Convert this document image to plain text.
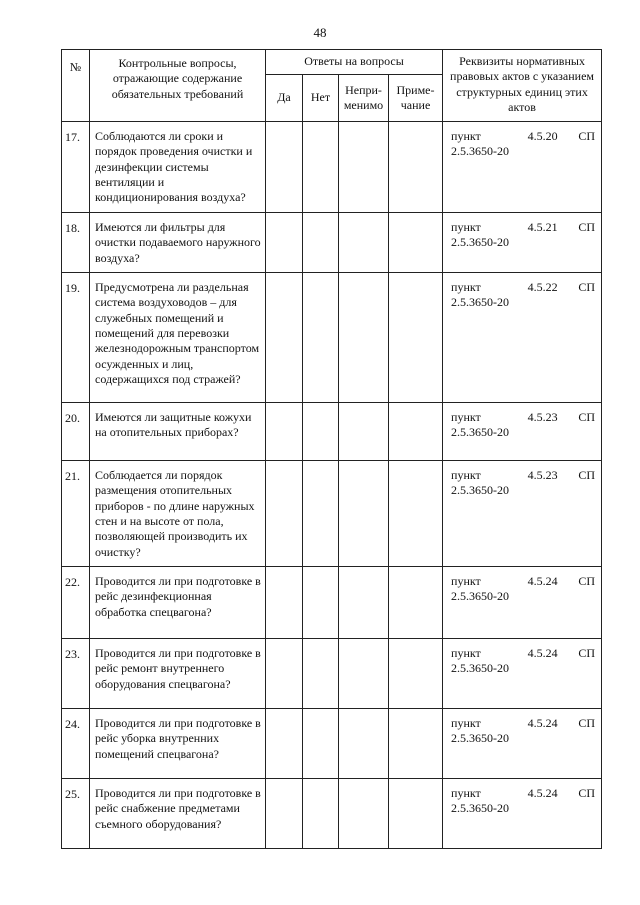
48
№	Контрольные вопросы, отражающие содержание обязательных требований	Ответы на вопросы				Реквизиты нормативных правовых актов с указанием структурных единиц этих актов
		Да	Нет	Непри-менимо	Приме-чание	
17.	Соблюдаются ли сроки и порядок проведения очистки и дезинфекции системы вентиляции и кондиционирования воздуха?					пункт 4.5.20 СП
2.5.3650-20

18.	Имеются ли фильтры для очистки подаваемого наружного воздуха?					пункт 4.5.21 СП
2.5.3650-20

19.	Предусмотрена ли раздельная система воздуховодов – для служебных помещений и помещений для перевозки железнодорожным транспортом осужденных и лиц, содержащихся под стражей?					пункт 4.5.22 СП
2.5.3650-20

20.	Имеются ли защитные кожухи на отопительных приборах?					пункт 4.5.23 СП
2.5.3650-20

21.	Соблюдается ли порядок размещения отопительных приборов - по длине наружных стен и на высоте от пола, позволяющей производить их очистку?					пункт 4.5.23 СП
2.5.3650-20

22.	Проводится ли при подготовке в рейс дезинфекционная обработка спецвагона?					пункт 4.5.24 СП
2.5.3650-20

23.	Проводится ли при подготовке в рейс ремонт внутреннего оборудования спецвагона?					пункт 4.5.24 СП
2.5.3650-20

24.	Проводится ли при подготовке в рейс уборка внутренних помещений спецвагона?					пункт 4.5.24 СП
2.5.3650-20

25.	Проводится ли при подготовке в рейс снабжение предметами съемного оборудования?					пункт 4.5.24 СП
2.5.3650-20
